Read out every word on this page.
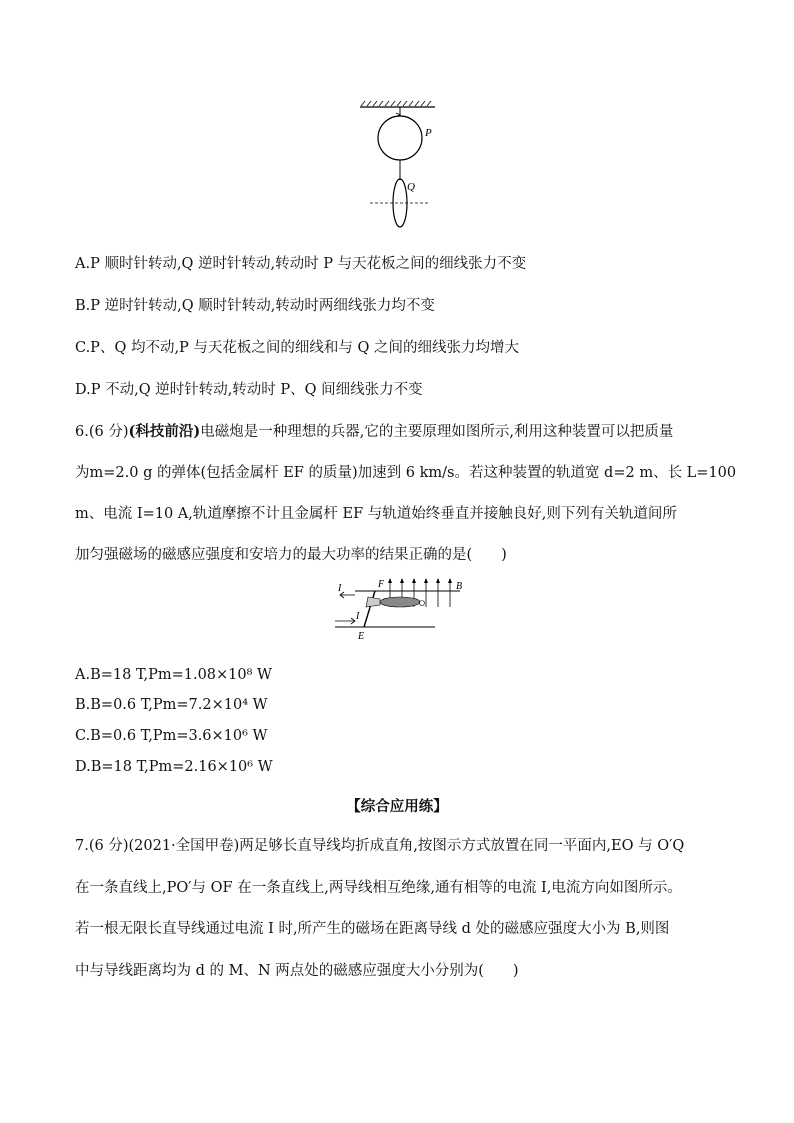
P
Q
A.P 顺时针转动,Q 逆时针转动,转动时 P 与天花板之间的细线张力不变
B.P 逆时针转动,Q 顺时针转动,转动时两细线张力均不变
C.P、Q 均不动,P 与天花板之间的细线和与 Q 之间的细线张力均增大
D.P 不动,Q 逆时针转动,转动时 P、Q 间细线张力不变
6.(6 分)(科技前沿)电磁炮是一种理想的兵器,它的主要原理如图所示,利用这种装置可以把质量
为m=2.0 g 的弹体(包括金属杆 EF 的质量)加速到 6 km/s。若这种装置的轨道宽 d=2 m、长 L=100
m、电流 I=10 A,轨道摩擦不计且金属杆 EF 与轨道始终垂直并接触良好,则下列有关轨道间所
加匀强磁场的磁感应强度和安培力的最大功率的结果正确的是(　　)
I	F	B
I
E
A.B=18 T,Pm=1.08×10⁸ W
B.B=0.6 T,Pm=7.2×10⁴ W
C.B=0.6 T,Pm=3.6×10⁶ W
D.B=18 T,Pm=2.16×10⁶ W
【综合应用练】
7.(6 分)(2021·全国甲卷)两足够长直导线均折成直角,按图示方式放置在同一平面内,EO 与 O′Q
在一条直线上,PO′与 OF 在一条直线上,两导线相互绝缘,通有相等的电流 I,电流方向如图所示。
若一根无限长直导线通过电流 I 时,所产生的磁场在距离导线 d 处的磁感应强度大小为 B,则图
中与导线距离均为 d 的 M、N 两点处的磁感应强度大小分别为(　　)
